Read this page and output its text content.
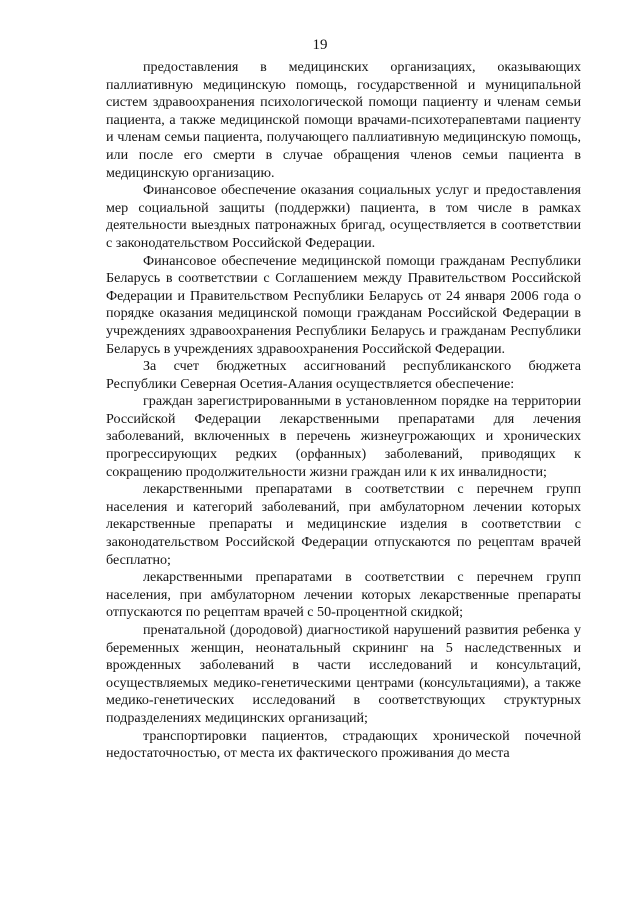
19

предоставления в медицинских организациях, оказывающих паллиативную медицинскую помощь, государственной и муниципальной систем здравоохранения психологической помощи пациенту и членам семьи пациента, а также медицинской помощи врачами-психотерапевтами пациенту и членам семьи пациента, получающего паллиативную медицинскую помощь, или после его смерти в случае обращения членов семьи пациента в медицинскую организацию.

Финансовое обеспечение оказания социальных услуг и предоставления мер социальной защиты (поддержки) пациента, в том числе в рамках деятельности выездных патронажных бригад, осуществляется в соответствии с законодательством Российской Федерации.

Финансовое обеспечение медицинской помощи гражданам Республики Беларусь в соответствии с Соглашением между Правительством Российской Федерации и Правительством Республики Беларусь от 24 января 2006 года о порядке оказания медицинской помощи гражданам Российской Федерации в учреждениях здравоохранения Республики Беларусь и гражданам Республики Беларусь в учреждениях здравоохранения Российской Федерации.

За счет бюджетных ассигнований республиканского бюджета Республики Северная Осетия-Алания осуществляется обеспечение:

граждан зарегистрированными в установленном порядке на территории Российской Федерации лекарственными препаратами для лечения заболеваний, включенных в перечень жизнеугрожающих и хронических прогрессирующих редких (орфанных) заболеваний, приводящих к сокращению продолжительности жизни граждан или к их инвалидности;

лекарственными препаратами в соответствии с перечнем групп населения и категорий заболеваний, при амбулаторном лечении которых лекарственные препараты и медицинские изделия в соответствии с законодательством Российской Федерации отпускаются по рецептам врачей бесплатно;

лекарственными препаратами в соответствии с перечнем групп населения, при амбулаторном лечении которых лекарственные препараты отпускаются по рецептам врачей с 50-процентной скидкой;

пренатальной (дородовой) диагностикой нарушений развития ребенка у беременных женщин, неонатальный скрининг на 5 наследственных и врожденных заболеваний в части исследований и консультаций, осуществляемых медико-генетическими центрами (консультациями), а также медико-генетических исследований в соответствующих структурных подразделениях медицинских организаций;

транспортировки пациентов, страдающих хронической почечной недостаточностью, от места их фактического проживания до места
